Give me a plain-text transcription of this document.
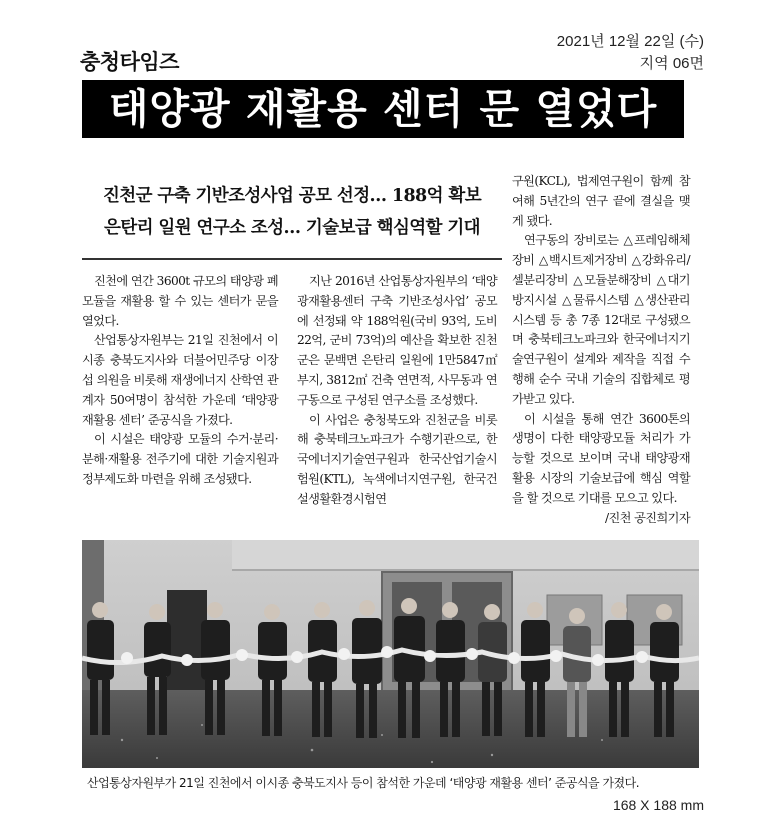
2021년 12월 22일 (수)
지역 06면
충청타임즈
태양광 재활용 센터 문 열었다
진천군 구축 기반조성사업 공모 선정… 188억 확보
은탄리 일원 연구소 조성… 기술보급 핵심역할 기대

진천에 연간 3600t 규모의 태양광 폐모듈을 재활용 할 수 있는 센터가 문을 열었다.

산업통상자원부는 21일 진천에서 이시종 충북도지사와 더불어민주당 이장섭 의원을 비롯해 재생에너지 산학연 관계자 50여명이 참석한 가운데 ‘태양광 재활용 센터’ 준공식을 가졌다.

이 시설은 태양광 모듈의 수거·분리·분해·재활용 전주기에 대한 기술지원과 정부제도화 마련을 위해 조성됐다.

지난 2016년 산업통상자원부의 ‘태양광재활용센터 구축 기반조성사업’ 공모에 선정돼 약 188억원(국비 93억, 도비 22억, 군비 73억)의 예산을 확보한 진천군은 문백면 은탄리 일원에 1만5847㎡ 부지, 3812㎡ 건축 연면적, 사무동과 연구동으로 구성된 연구소를 조성했다.

이 사업은 충청북도와 진천군을 비롯해 충북테크노파크가 수행기관으로, 한국에너지기술연구원과 한국산업기술시험원(KTL), 녹색에너지연구원, 한국건설생활환경시험연

구원(KCL), 법제연구원이 함께 참여해 5년간의 연구 끝에 결실을 맺게 됐다.

연구동의 장비로는 △프레임해체장비 △백시트제거장비 △강화유리/셀분리장비 △모듈분해장비 △대기방지시설 △물류시스템 △생산관리시스템 등 총 7종 12대로 구성됐으며 충북테크노파크와 한국에너지기술연구원이 설계와 제작을 직접 수행해 순수 국내 기술의 집합체로 평가받고 있다.

이 시설을 통해 연간 3600톤의 생명이 다한 태양광모듈 처리가 가능할 것으로 보이며 국내 태양광재활용 시장의 기술보급에 핵심 역할을 할 것으로 기대를 모으고 있다.

/진천 공진희기자
산업통상자원부가 21일 진천에서 이시종 충북도지사 등이 참석한 가운데 ‘태양광 재활용 센터’ 준공식을 가졌다.
168 X 188 mm
